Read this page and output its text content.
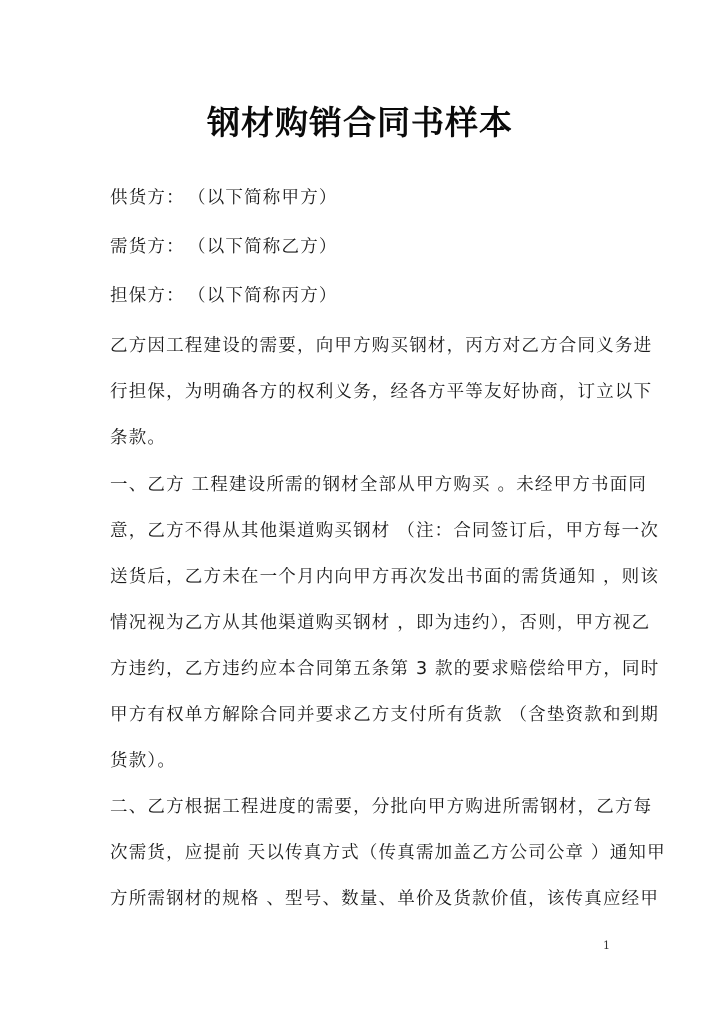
钢材购销合同书样本
供货方： （以下简称甲方）
需货方： （以下简称乙方）
担保方： （以下简称丙方）
乙方因工程建设的需要，向甲方购买钢材，丙方对乙方合同义务进
行担保，为明确各方的权利义务，经各方平等友好协商，订立以下
条款。
一、乙方 工程建设所需的钢材全部从甲方购买 。未经甲方书面同
意，乙方不得从其他渠道购买钢材 （注：合同签订后，甲方每一次
送货后，乙方未在一个月内向甲方再次发出书面的需货通知 ，则该
情况视为乙方从其他渠道购买钢材 ，即为违约），否则，甲方视乙
方违约，乙方违约应本合同第五条第 3 款的要求赔偿给甲方，同时
甲方有权单方解除合同并要求乙方支付所有货款 （含垫资款和到期
货款）。
二、乙方根据工程进度的需要，分批向甲方购进所需钢材，乙方每
次需货，应提前 天以传真方式（传真需加盖乙方公司公章 ）通知甲
方所需钢材的规格 、型号、数量、单价及货款价值，该传真应经甲
1
